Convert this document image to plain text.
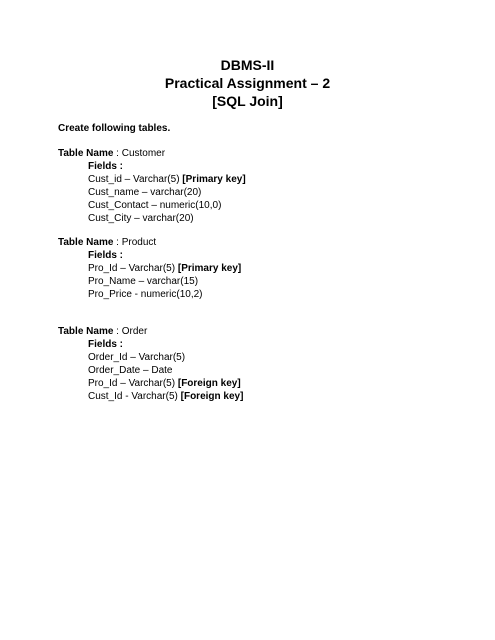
DBMS-II
Practical Assignment – 2
[SQL Join]
Create following tables.
Table Name : Customer
Fields :
Cust_id – Varchar(5) [Primary key]
Cust_name – varchar(20)
Cust_Contact – numeric(10,0)
Cust_City – varchar(20)
Table Name : Product
Fields :
Pro_Id – Varchar(5) [Primary key]
Pro_Name – varchar(15)
Pro_Price - numeric(10,2)
Table Name : Order
Fields :
Order_Id – Varchar(5)
Order_Date – Date
Pro_Id – Varchar(5) [Foreign key]
Cust_Id - Varchar(5) [Foreign key]
